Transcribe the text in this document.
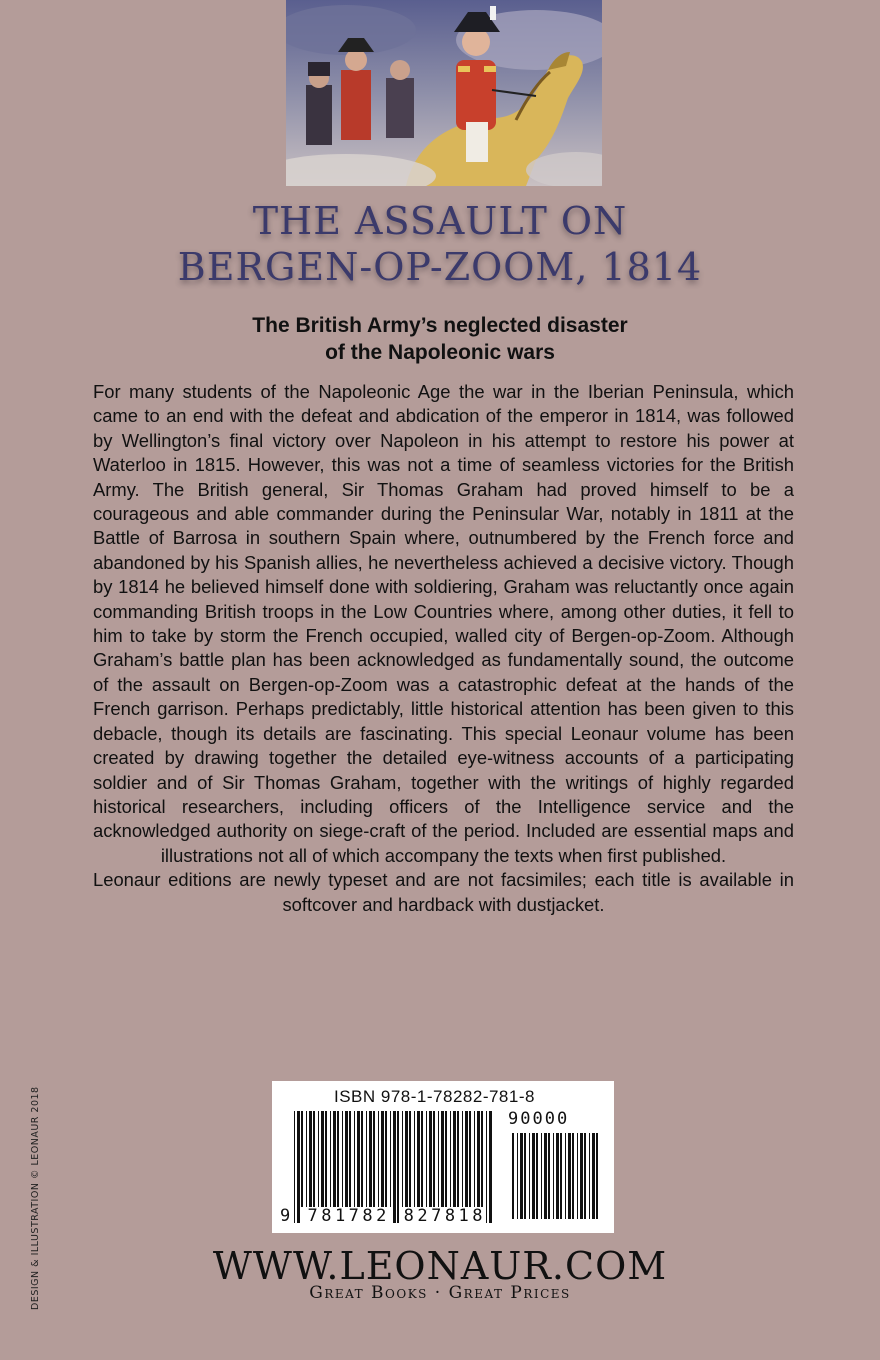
THE ASSAULT ON
BERGEN-OP-ZOOM, 1814
The British Army’s neglected disaster
of the Napoleonic wars

For many students of the Napoleonic Age the war in the Iberian Peninsula, which came to an end with the defeat and abdication of the emperor in 1814, was followed by Wellington’s final victory over Napoleon in his attempt to restore his power at Waterloo in 1815. However, this was not a time of seamless victories for the British Army. The British general, Sir Thomas Graham had proved himself to be a courageous and able commander during the Peninsular War, notably in 1811 at the Battle of Barrosa in southern Spain where, outnumbered by the French force and abandoned by his Spanish allies, he nevertheless achieved a decisive victory. Though by 1814 he believed himself done with soldiering, Graham was reluctantly once again commanding British troops in the Low Countries where, among other duties, it fell to him to take by storm the French occupied, walled city of Bergen-op-Zoom. Although Graham’s battle plan has been acknowledged as fundamentally sound, the outcome of the assault on Bergen-op-Zoom was a catastrophic defeat at the hands of the French garrison. Perhaps predictably, little historical attention has been given to this debacle, though its details are fascinating. This special Leonaur volume has been created by drawing together the detailed eye-witness accounts of a participating soldier and of Sir Thomas Graham, together with the writings of highly regarded historical researchers, including officers of the Intelligence service and the acknowledged authority on siege-craft of the period. Included are essential maps and illustrations not all of which accompany the texts when first published.

Leonaur editions are newly typeset and are not facsimiles; each title is available in softcover and hardback with dustjacket.

DESIGN & ILLUSTRATION © LEONAUR 2018	ISBN 978-1-78282-781-8
90000
9 781782 827818
WWW.LEONAUR.COM
Great Books · Great Prices
